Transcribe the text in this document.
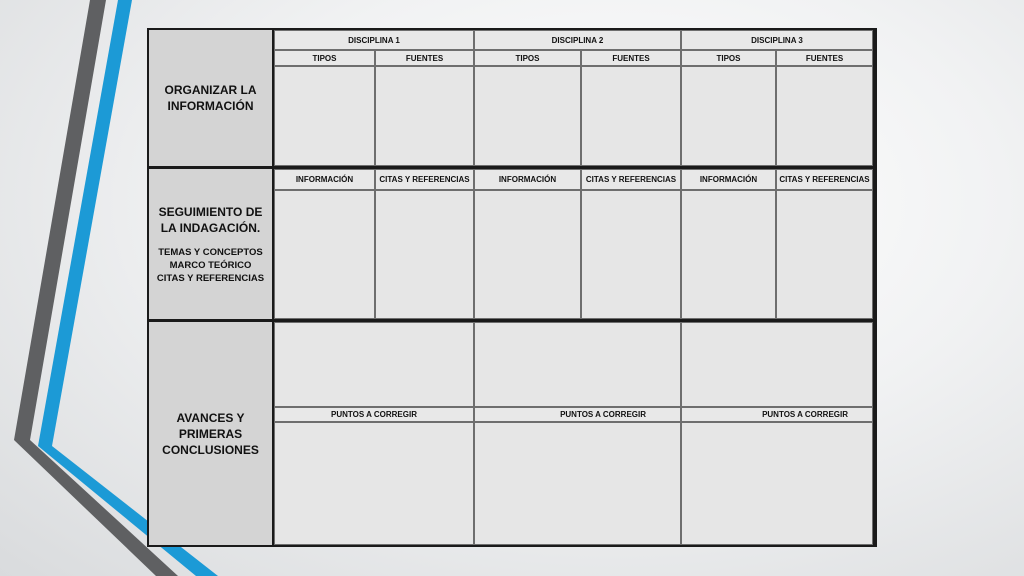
ORGANIZAR LA INFORMACIÓN
DISCIPLINA 1	DISCIPLINA 2	DISCIPLINA 3
TIPOS	FUENTES	TIPOS	FUENTES	TIPOS	FUENTES
SEGUIMIENTO DE LA INDAGACIÓN.
TEMAS Y CONCEPTOS
MARCO TEÓRICO
CITAS Y REFERENCIAS
INFORMACIÓN	CITAS Y REFERENCIAS	INFORMACIÓN	CITAS Y REFERENCIAS	INFORMACIÓN	CITAS Y REFERENCIAS
AVANCES Y PRIMERAS CONCLUSIONES
PUNTOS A CORREGIR	PUNTOS A CORREGIR	PUNTOS A CORREGIR
